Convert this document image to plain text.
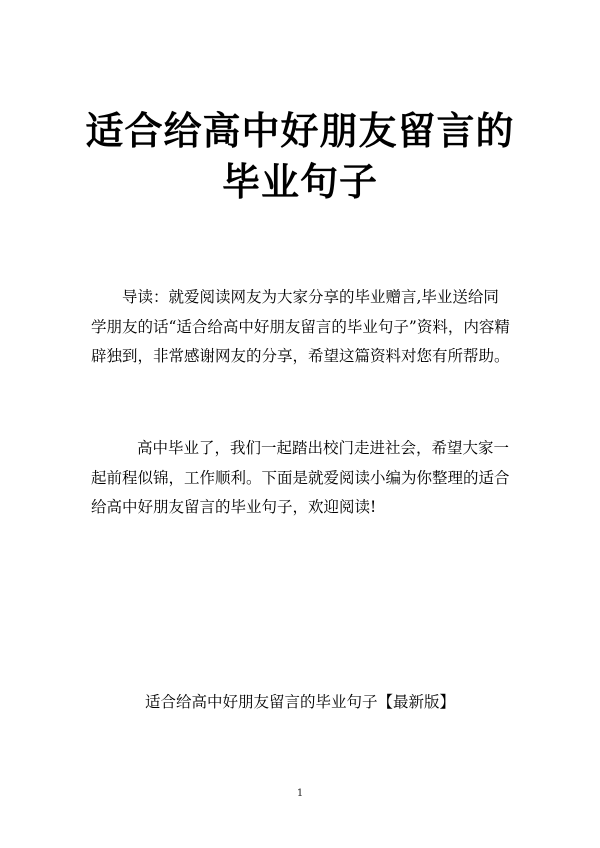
适合给高中好朋友留言的
毕业句子

导读：就爱阅读网友为大家分享的毕业赠言,毕业送给同学朋友的话“适合给高中好朋友留言的毕业句子”资料，内容精辟独到，非常感谢网友的分享，希望这篇资料对您有所帮助。

高中毕业了，我们一起踏出校门走进社会，希望大家一起前程似锦，工作顺利。下面是就爱阅读小编为你整理的适合给高中好朋友留言的毕业句子，欢迎阅读!

适合给高中好朋友留言的毕业句子【最新版】
1
